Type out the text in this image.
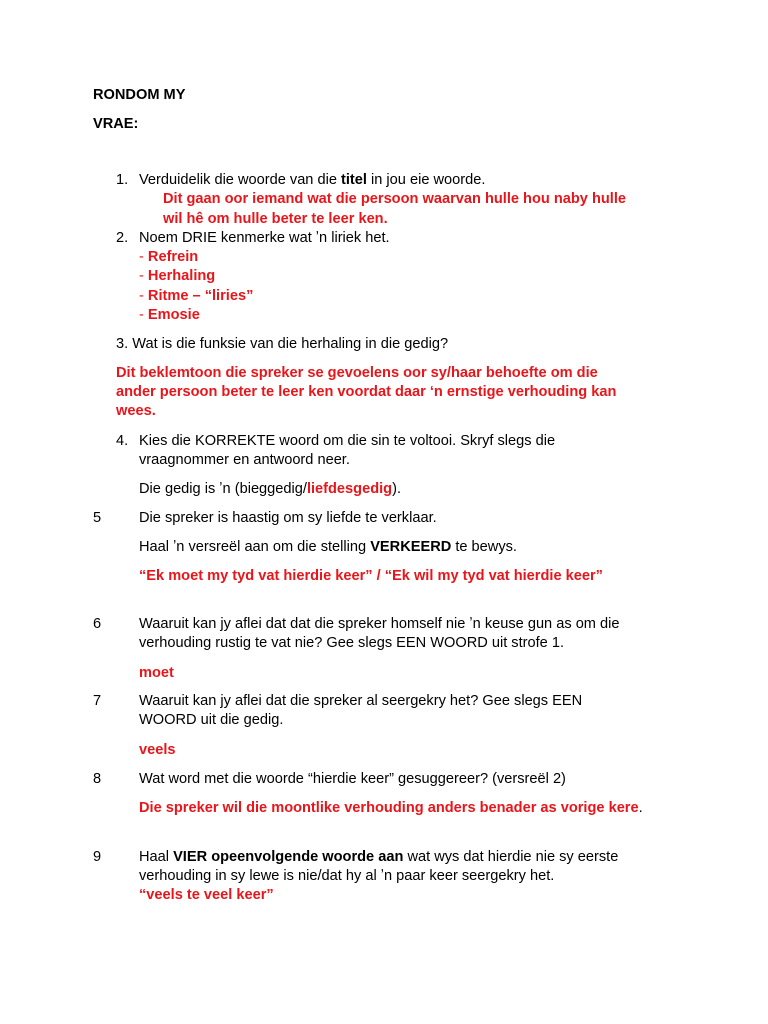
RONDOM MY
VRAE:
1. Verduidelik die woorde van die titel in jou eie woorde.
Dit gaan oor iemand wat die persoon waarvan hulle hou naby hulle
wil hê om hulle beter te leer ken.
2. Noem DRIE kenmerke wat ʼn liriek het.
- Refrein
- Herhaling
- Ritme – “liries”
- Emosie
3. Wat is die funksie van die herhaling in die gedig?
Dit beklemtoon die spreker se gevoelens oor sy/haar behoefte om die
ander persoon beter te leer ken voordat daar ‘n ernstige verhouding kan
wees.
4. Kies die KORREKTE woord om die sin te voltooi. Skryf slegs die
vraagnommer en antwoord neer.
Die gedig is ʼn (bieggedig/liefdesgedig).
5	Die spreker is haastig om sy liefde te verklaar.
Haal ʼn versreël aan om die stelling VERKEERD te bewys.
“Ek moet my tyd vat hierdie keer” / “Ek wil my tyd vat hierdie keer”
6	Waaruit kan jy aflei dat dat die spreker homself nie ʼn keuse gun as om die
verhouding rustig te vat nie? Gee slegs EEN WOORD uit strofe 1.
moet
7	Waaruit kan jy aflei dat die spreker al seergekry het? Gee slegs EEN
WOORD uit die gedig.
veels
8	Wat word met die woorde “hierdie keer” gesuggereer? (versreël 2)
Die spreker wil die moontlike verhouding anders benader as vorige kere.
9	Haal VIER opeenvolgende woorde aan wat wys dat hierdie nie sy eerste
verhouding in sy lewe is nie/dat hy al ʼn paar keer seergekry het.
“veels te veel keer”
